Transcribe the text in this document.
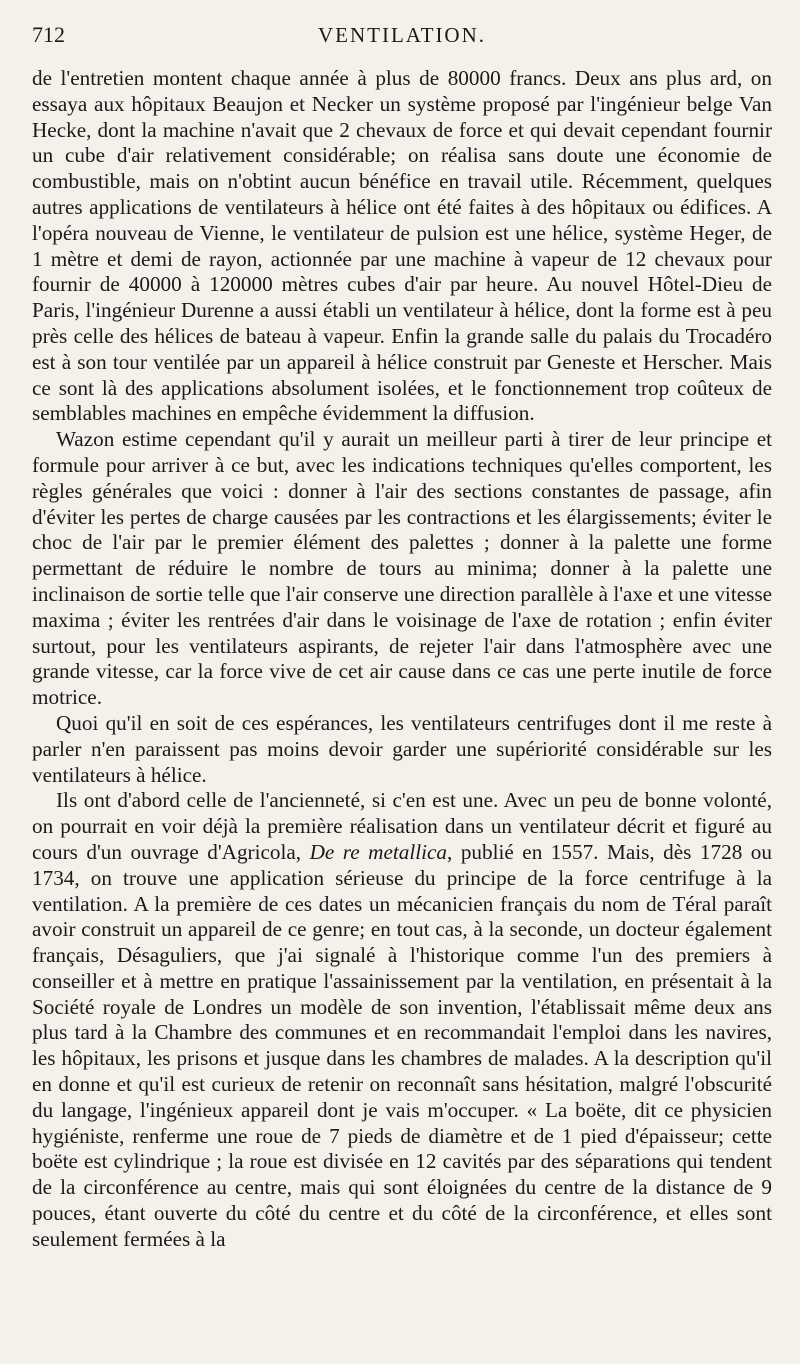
712	VENTILATION.

de l'entretien montent chaque année à plus de 80000 francs. Deux ans plus ard, on essaya aux hôpitaux Beaujon et Necker un système proposé par l'ingénieur belge Van Hecke, dont la machine n'avait que 2 chevaux de force et qui devait cependant fournir un cube d'air relativement considérable; on réalisa sans doute une économie de combustible, mais on n'obtint aucun bénéfice en travail utile. Récemment, quelques autres applications de ventilateurs à hélice ont été faites à des hôpitaux ou édifices. A l'opéra nouveau de Vienne, le ventilateur de pulsion est une hélice, système Heger, de 1 mètre et demi de rayon, actionnée par une machine à vapeur de 12 chevaux pour fournir de 40000 à 120000 mètres cubes d'air par heure. Au nouvel Hôtel-Dieu de Paris, l'ingénieur Durenne a aussi établi un ventilateur à hélice, dont la forme est à peu près celle des hélices de bateau à vapeur. Enfin la grande salle du palais du Trocadéro est à son tour ventilée par un appareil à hélice construit par Geneste et Herscher. Mais ce sont là des applications absolument isolées, et le fonctionnement trop coûteux de semblables machines en empêche évidemment la diffusion.

Wazon estime cependant qu'il y aurait un meilleur parti à tirer de leur principe et formule pour arriver à ce but, avec les indications techniques qu'elles comportent, les règles générales que voici : donner à l'air des sections constantes de passage, afin d'éviter les pertes de charge causées par les contractions et les élargissements; éviter le choc de l'air par le premier élément des palettes ; donner à la palette une forme permettant de réduire le nombre de tours au minima; donner à la palette une inclinaison de sortie telle que l'air conserve une direction parallèle à l'axe et une vitesse maxima ; éviter les rentrées d'air dans le voisinage de l'axe de rotation ; enfin éviter surtout, pour les ventilateurs aspirants, de rejeter l'air dans l'atmosphère avec une grande vitesse, car la force vive de cet air cause dans ce cas une perte inutile de force motrice.

Quoi qu'il en soit de ces espérances, les ventilateurs centrifuges dont il me reste à parler n'en paraissent pas moins devoir garder une supériorité considérable sur les ventilateurs à hélice.

Ils ont d'abord celle de l'ancienneté, si c'en est une. Avec un peu de bonne volonté, on pourrait en voir déjà la première réalisation dans un ventilateur décrit et figuré au cours d'un ouvrage d'Agricola, De re metallica, publié en 1557. Mais, dès 1728 ou 1734, on trouve une application sérieuse du principe de la force centrifuge à la ventilation. A la première de ces dates un mécanicien français du nom de Téral paraît avoir construit un appareil de ce genre; en tout cas, à la seconde, un docteur également français, Désaguliers, que j'ai signalé à l'historique comme l'un des premiers à conseiller et à mettre en pratique l'assainissement par la ventilation, en présentait à la Société royale de Londres un modèle de son invention, l'établissait même deux ans plus tard à la Chambre des communes et en recommandait l'emploi dans les navires, les hôpitaux, les prisons et jusque dans les chambres de malades. A la description qu'il en donne et qu'il est curieux de retenir on reconnaît sans hésitation, malgré l'obscurité du langage, l'ingénieux appareil dont je vais m'occuper. « La boëte, dit ce physicien hygiéniste, renferme une roue de 7 pieds de diamètre et de 1 pied d'épaisseur; cette boëte est cylindrique ; la roue est divisée en 12 cavités par des séparations qui tendent de la circonférence au centre, mais qui sont éloignées du centre de la distance de 9 pouces, étant ouverte du côté du centre et du côté de la circonférence, et elles sont seulement fermées à la
